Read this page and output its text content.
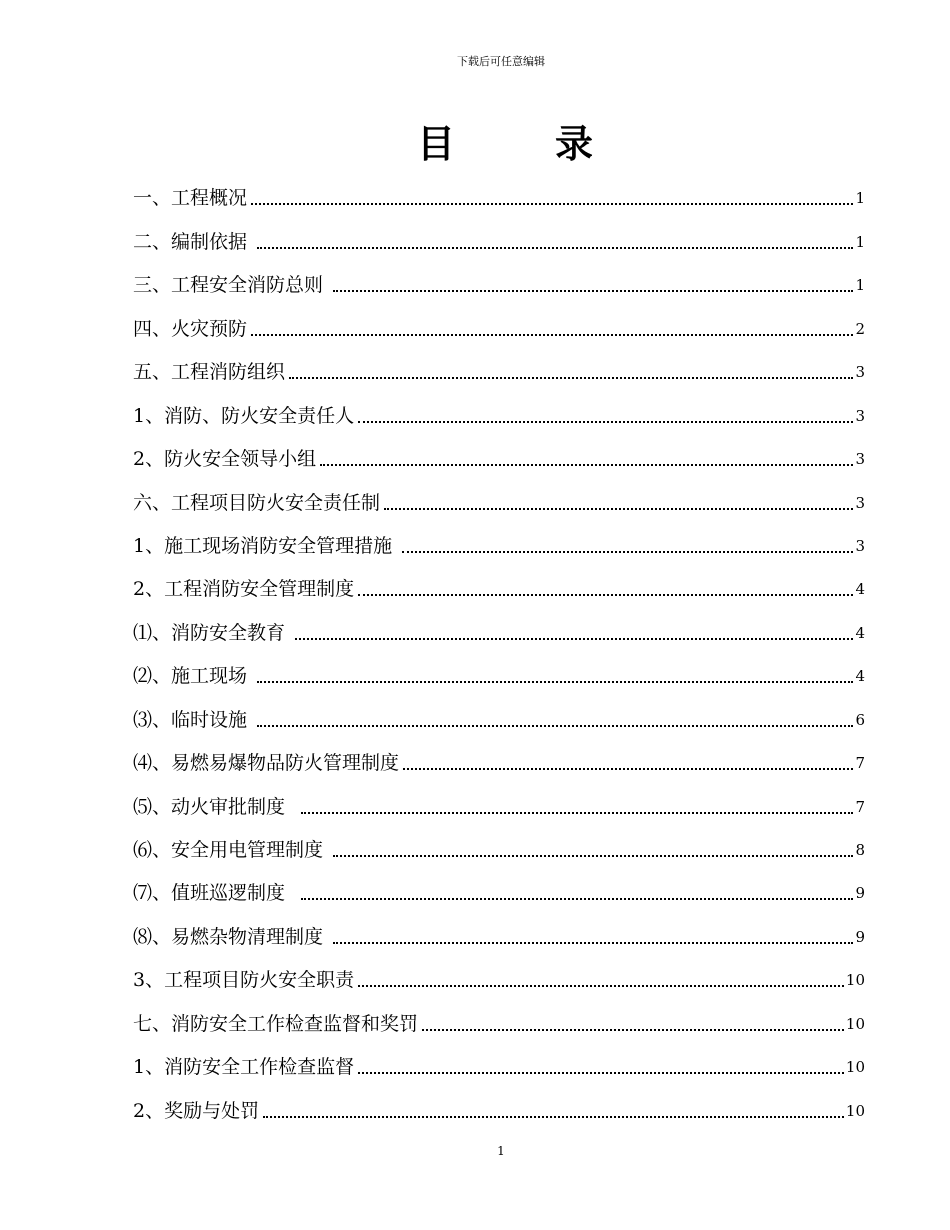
下载后可任意编辑
目	录
一、工程概况	1
二、编制依据	1
三、工程安全消防总则	1
四、火灾预防	2
五、工程消防组织	3
1、消防、防火安全责任人	3
2、防火安全领导小组	3
六、工程项目防火安全责任制	3
1、施工现场消防安全管理措施	3
2、工程消防安全管理制度	4
⑴、消防安全教育	4
⑵、施工现场	4
⑶、临时设施	6
⑷、易燃易爆物品防火管理制度	7
⑸、动火审批制度	7
⑹、安全用电管理制度	8
⑺、值班巡逻制度	9
⑻、易燃杂物清理制度	9
3、工程项目防火安全职责	10
七、消防安全工作检查监督和奖罚	10
1、消防安全工作检查监督	10
2、奖励与处罚	10
1
